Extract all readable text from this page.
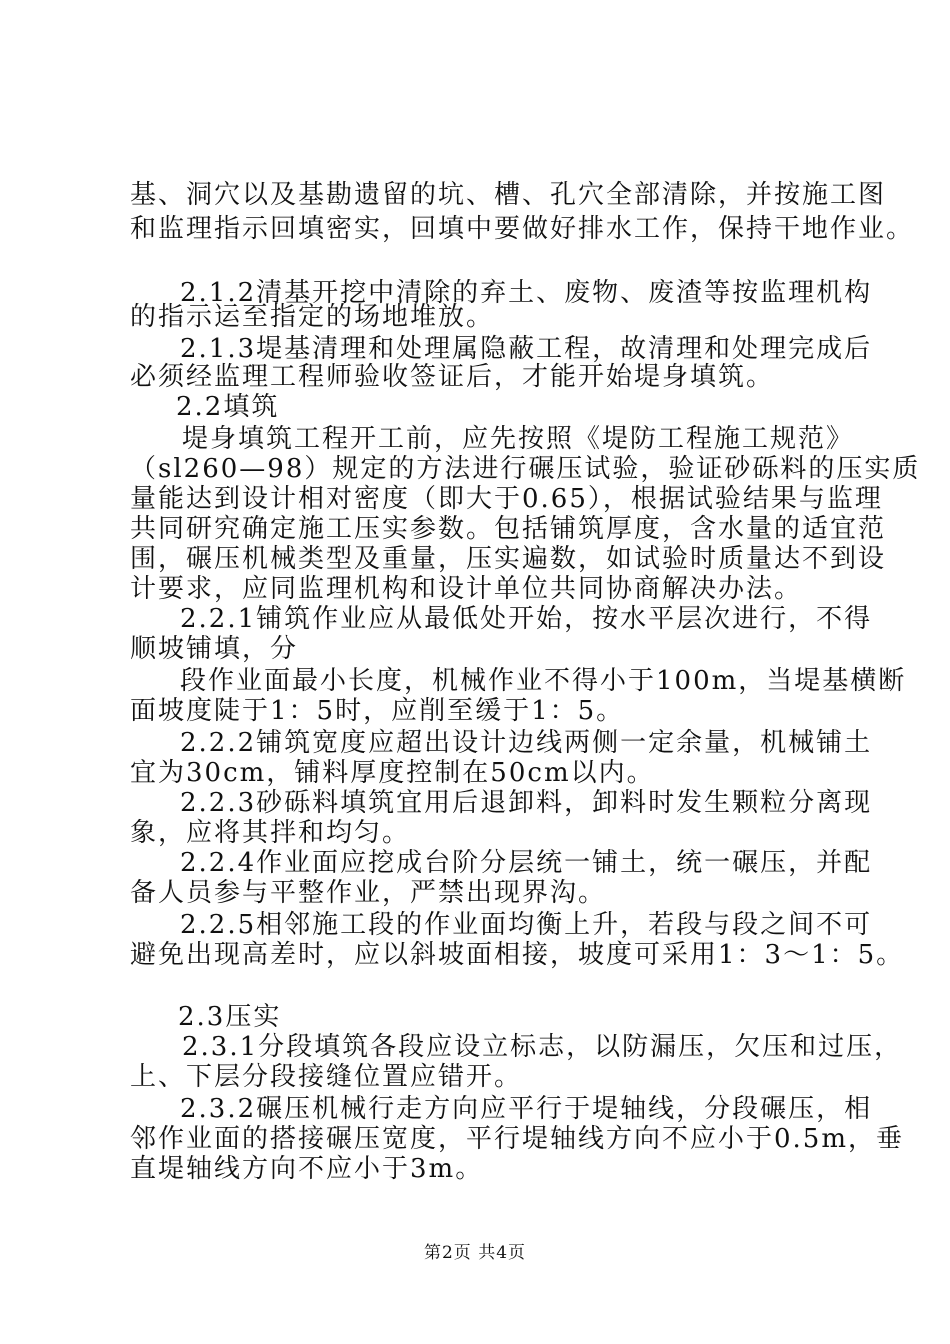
基、洞穴以及基勘遗留的坑、槽、孔穴全部清除，并按施工图
和监理指示回填密实，回填中要做好排水工作，保持干地作业。
2.1.2清基开挖中清除的弃土、废物、废渣等按监理机构
的指示运至指定的场地堆放。
2.1.3堤基清理和处理属隐蔽工程，故清理和处理完成后
必须经监理工程师验收签证后，才能开始堤身填筑。
2.2填筑
堤身填筑工程开工前，应先按照《堤防工程施工规范》
（sl260—98）规定的方法进行碾压试验，验证砂砾料的压实质
量能达到设计相对密度（即大于0.65），根据试验结果与监理
共同研究确定施工压实参数。包括铺筑厚度，含水量的适宜范
围，碾压机械类型及重量，压实遍数，如试验时质量达不到设
计要求，应同监理机构和设计单位共同协商解决办法。
2.2.1铺筑作业应从最低处开始，按水平层次进行，不得
顺坡铺填，分
段作业面最小长度，机械作业不得小于100m，当堤基横断
面坡度陡于1：5时，应削至缓于1：5。
2.2.2铺筑宽度应超出设计边线两侧一定余量，机械铺土
宜为30cm，铺料厚度控制在50cm以内。
2.2.3砂砾料填筑宜用后退卸料，卸料时发生颗粒分离现
象，应将其拌和均匀。
2.2.4作业面应挖成台阶分层统一铺土，统一碾压，并配
备人员参与平整作业，严禁出现界沟。
2.2.5相邻施工段的作业面均衡上升，若段与段之间不可
避免出现高差时，应以斜坡面相接，坡度可采用1：3～1：5。
2.3压实
2.3.1分段填筑各段应设立标志，以防漏压，欠压和过压，
上、下层分段接缝位置应错开。
2.3.2碾压机械行走方向应平行于堤轴线，分段碾压，相
邻作业面的搭接碾压宽度，平行堤轴线方向不应小于0.5m，垂
直堤轴线方向不应小于3m。
第2页 共4页
